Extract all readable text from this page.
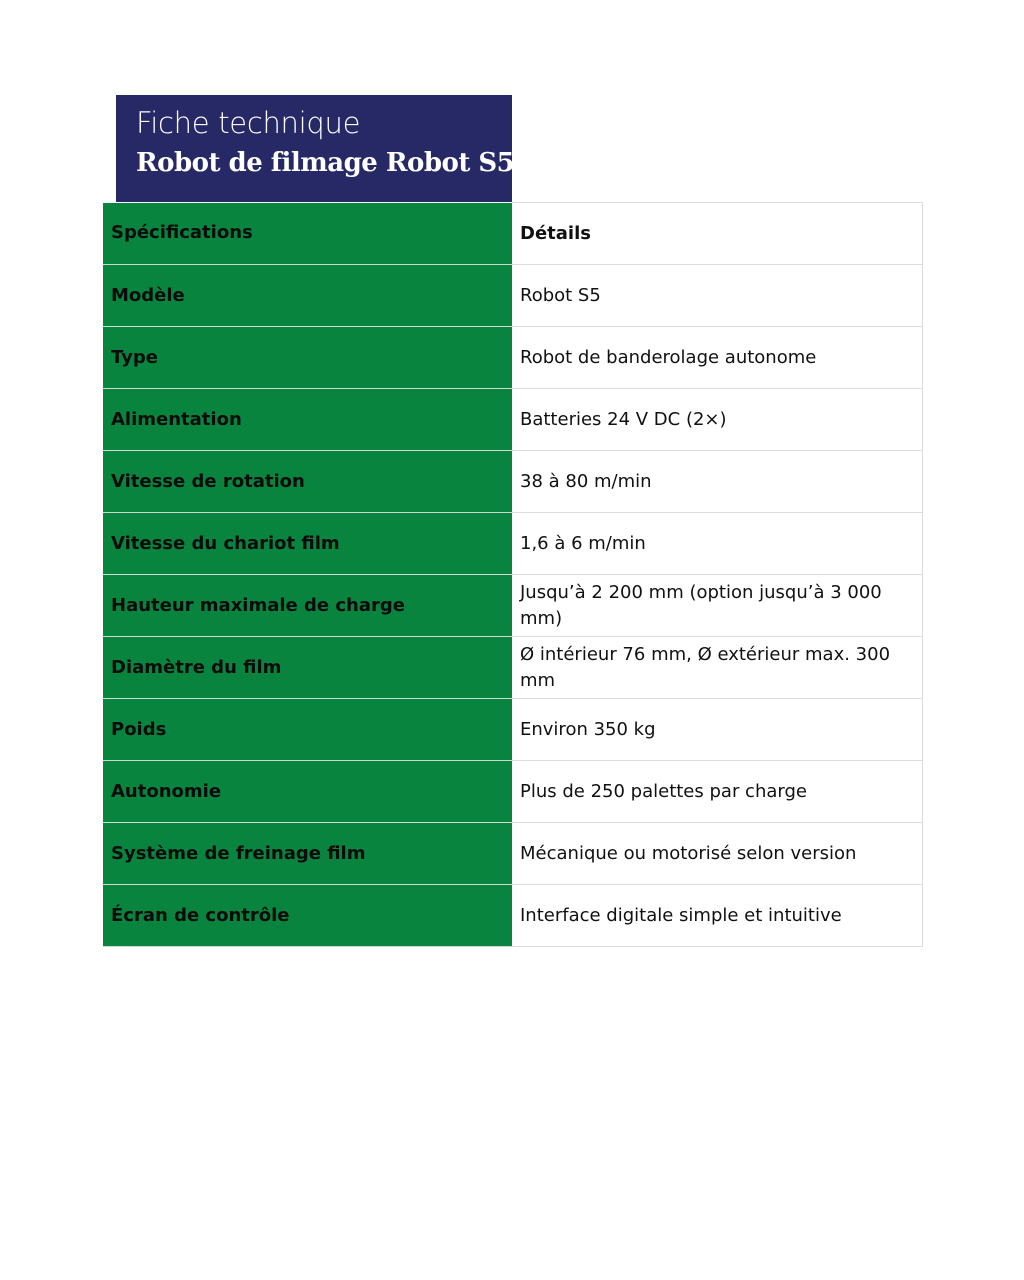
Fiche technique
Robot de filmage Robot S5
Spécifications	Détails
Modèle	Robot S5
Type	Robot de banderolage autonome
Alimentation	Batteries 24 V DC (2×)
Vitesse de rotation	38 à 80 m/min
Vitesse du chariot film	1,6 à 6 m/min
Hauteur maximale de charge	Jusqu’à 2 200 mm (option jusqu’à 3 000 mm)
Diamètre du film	Ø intérieur 76 mm, Ø extérieur max. 300 mm
Poids	Environ 350 kg
Autonomie	Plus de 250 palettes par charge
Système de freinage film	Mécanique ou motorisé selon version
Écran de contrôle	Interface digitale simple et intuitive
